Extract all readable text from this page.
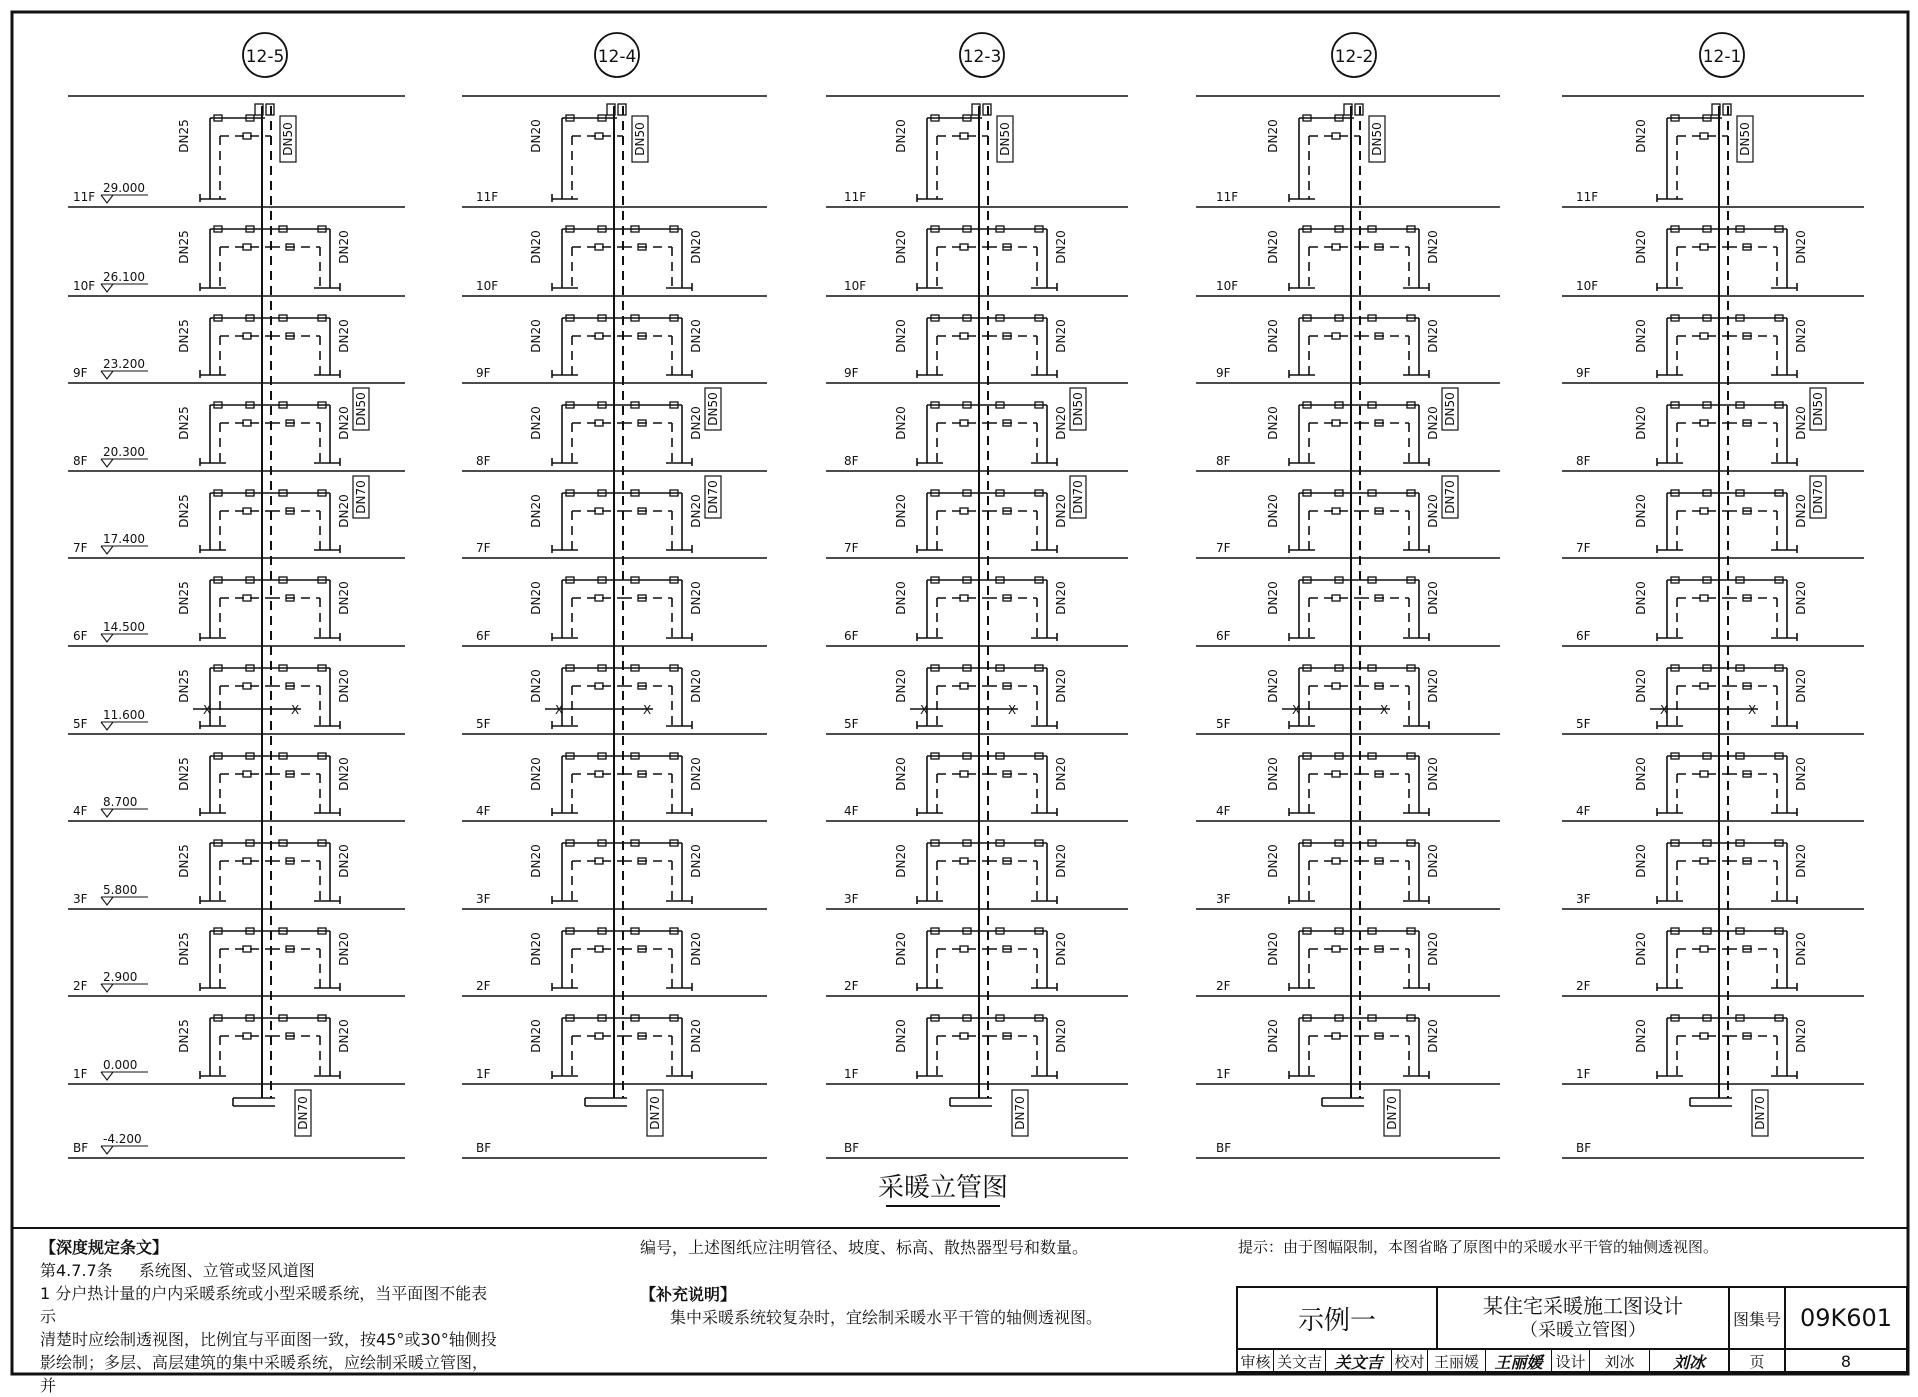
12-5
DN25
DN25	DN20
DN25	DN20
DN25	DN20 DN50
DN25	DN20 DN70
DN25	DN20
DN25	DN20
X	X
DN25	DN20
DN25	DN20
DN25	DN20
DN25	DN20
DN50
DN70
11F
10F
9F
8F
7F
6F
5F
4F
3F
2F
1F
BF
29.000
26.100
23.200
20.300
17.400
14.500
11.600
8.700
5.800
2.900
0.000
-4.200
12-4
DN20
DN20	DN20
DN20	DN20
DN20	DN20 DN50
DN20	DN20 DN70
DN20	DN20
DN20	DN20
X	X
DN20	DN20
DN20	DN20
DN20	DN20
DN20	DN20
DN50
DN70
11F
10F
9F
8F
7F
6F
5F
4F
3F
2F
1F
BF
12-3
DN20
DN20	DN20
DN20	DN20
DN20	DN20 DN50
DN20	DN20 DN70
DN20	DN20
DN20	DN20
X	X
DN20	DN20
DN20	DN20
DN20	DN20
DN20	DN20
DN50
DN70
11F
10F
9F
8F
7F
6F
5F
4F
3F
2F
1F
BF
12-2
DN20
DN20	DN20
DN20	DN20
DN20	DN20 DN50
DN20	DN20 DN70
DN20	DN20
DN20	DN20
X	X
DN20	DN20
DN20	DN20
DN20	DN20
DN20	DN20
DN50
DN70
11F
10F
9F
8F
7F
6F
5F
4F
3F
2F
1F
BF
12-1
DN20
DN20	DN20
DN20	DN20
DN20	DN20 DN50
DN20	DN20 DN70
DN20	DN20
DN20	DN20
X	X
DN20	DN20
DN20	DN20
DN20	DN20
DN20	DN20
DN50
DN70
11F
10F
9F
8F
7F
6F
5F
4F
3F
2F
1F
BF
采暖立管图
【深度规定条文】
第4.7.7条 系统图、立管或竖风道图
1 分户热计量的户内采暖系统或小型采暖系统，当平面图不能表示
清楚时应绘制透视图，比例宜与平面图一致，按45°或30°轴侧投
影绘制；多层、高层建筑的集中采暖系统，应绘制采暖立管图，并
编号，上述图纸应注明管径、坡度、标高、散热器型号和数量。
【补充说明】
集中采暖系统较复杂时，宜绘制采暖水平干管的轴侧透视图。
提示：由于图幅限制，本图省略了原图中的采暖水平干管的轴侧透视图。
示例一	某住宅采暖施工图设计
（采暖立管图）
图集号 09K601
审核 关文吉 关文吉 校对 王丽媛 王丽媛 设计	刘冰	刘冰	页	8
